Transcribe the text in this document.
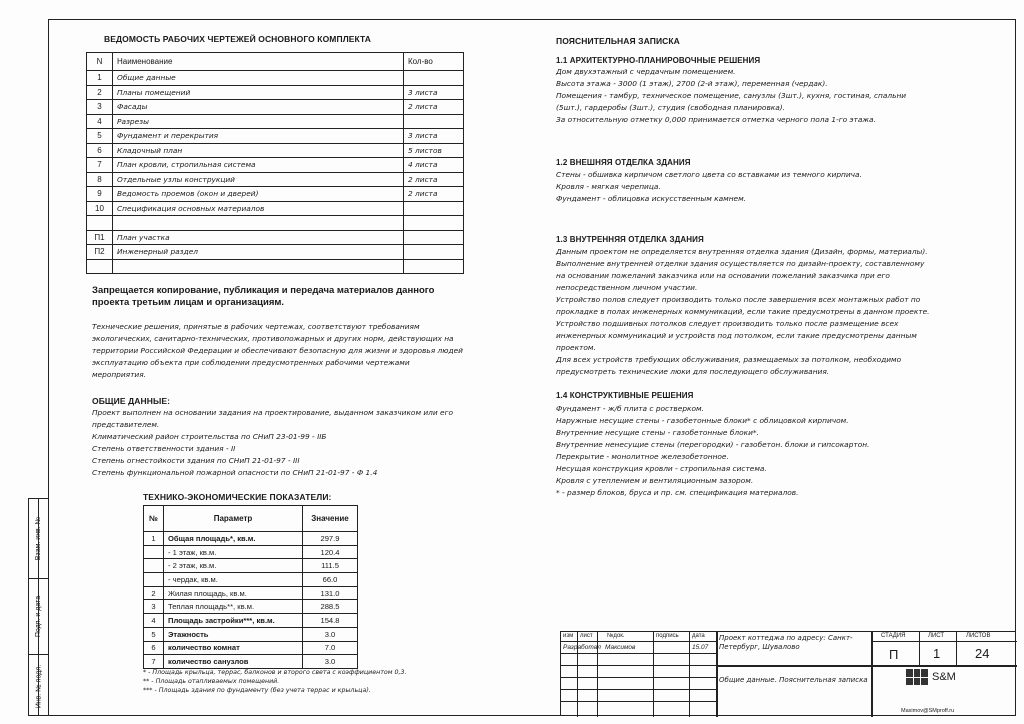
Взам. инв. №
Подп. и дата
Инв. № подл.
ВЕДОМОСТЬ РАБОЧИХ ЧЕРТЕЖЕЙ ОСНОВНОГО КОМПЛЕКТА
N	Наименование	Кол-во
1	Общие данные	
2	Планы помещений	3 листа
3	Фасады	2 листа
4	Разрезы	
5	Фундамент и перекрытия	3 листа
6	Кладочный план	5 листов
7	План кровли, стропильная система	4 листа
8	Отдельные узлы конструкций	2 листа
9	Ведомость проемов (окон и дверей)	2 листа
10	Спецификация основных материалов	

П1	План участка	
П2	Инженерный раздел	

Запрещается копирование, публикация и передача материалов данного проекта третьим лицам и организациям.
Технические решения, принятые в рабочих чертежах, соответствуют требованиям экологических, санитарно-технических, противопожарных и других норм, действующих на территории Российской Федерации и обеспечивают безопасную для жизни и здоровья людей эксплуатацию объекта при соблюдении предусмотренных рабочими чертежами мероприятия.
ОБЩИЕ ДАННЫЕ:

Проект выполнен на основании задания на проектирование, выданном заказчиком или его представителем.

Климатический район строительства по СНиП 23-01-99 - IIБ

Степень ответственности здания - II

Степень огнестойкости здания по СНиП 21-01-97 - III

Степень функциональной пожарной опасности по СНиП 21-01-97 - Ф 1.4

ТЕХНИКО-ЭКОНОМИЧЕСКИЕ ПОКАЗАТЕЛИ:
№	Параметр	Значение
1	Общая площадь*, кв.м.	297.9
	- 1 этаж, кв.м.	120.4
	- 2 этаж, кв.м.	111.5
	- чердак, кв.м.	66.0
2	Жилая площадь, кв.м.	131.0
3	Теплая площадь**, кв.м.	288.5
4	Площадь застройки***, кв.м.	154.8
5	Этажность	3.0
6	количество комнат	7.0
7	количество санузлов	3.0

* - Площадь крыльца, террас, балконов и второго света с коэффициентом 0,3.

** - Площадь отапливаемых помещений.

*** - Площадь здания по фундаменту (без учета террас и крыльца).

ПОЯСНИТЕЛЬНАЯ ЗАПИСКА
1.1 АРХИТЕКТУРНО-ПЛАНИРОВОЧНЫЕ РЕШЕНИЯ

Дом двухэтажный с чердачным помещением.

Высота этажа - 3000 (1 этаж), 2700 (2-й этаж), переменная (чердак).

Помещения - тамбур, техническое помещение, санузлы (3шт.), кухня, гостиная, спальни

(5шт.), гардеробы (3шт.), студия (свободная планировка).

За относительную отметку 0,000 принимается отметка черного пола 1-го этажа.

1.2 ВНЕШНЯЯ ОТДЕЛКА ЗДАНИЯ

Стены - обшивка кирпичом светлого цвета со вставками из темного кирпича.

Кровля - мягкая черепица.

Фундамент - облицовка искусственным камнем.

1.3 ВНУТРЕННЯЯ ОТДЕЛКА ЗДАНИЯ

Данным проектом не определяется внутренняя отделка здания (Дизайн, формы, материалы).

Выполнение внутренней отделки здания осуществляется по дизайн-проекту, составленному

на основании пожеланий заказчика или на основании пожеланий заказчика при его

непосредственном личном участии.

Устройство полов следует производить только после завершения всех монтажных работ по

прокладке в полах инженерных коммуникаций, если такие предусмотрены в данном проекте.

Устройство подшивных потолков следует производить только после размещение всех

инженерных коммуникаций и устройств под потолком, если такие предусмотрены данным

проектом.

Для всех устройств требующих обслуживания, размещаемых за потолком, необходимо

предусмотреть технические люки для последующего обслуживания.

1.4 КОНСТРУКТИВНЫЕ РЕШЕНИЯ

Фундамент - ж/б плита с ростверком.

Наружные несущие стены - газобетонные блоки* с облицовкой кирпичом.

Внутренние несущие стены - газобетонные блоки*.

Внутренние ненесущие стены (перегородки) - газобетон. блоки и гипсокартон.

Перекрытие - монолитное железобетонное.

Несущая конструкция кровли - стропильная система.

Кровля с утеплением и вентиляционным зазором.

* - размер блоков, бруса и пр. см. спецификация материалов.

изм лист №док.	подпись дата
Разработал Максимов	15.07
Проект коттеджа по адресу: Санкт-Петербург, Шувалово
Общие данные. Пояснительная записка
СТАДИЯ	ЛИСТ	ЛИСТОВ
П	1	24
Maximov@SMproff.ru
S&M
